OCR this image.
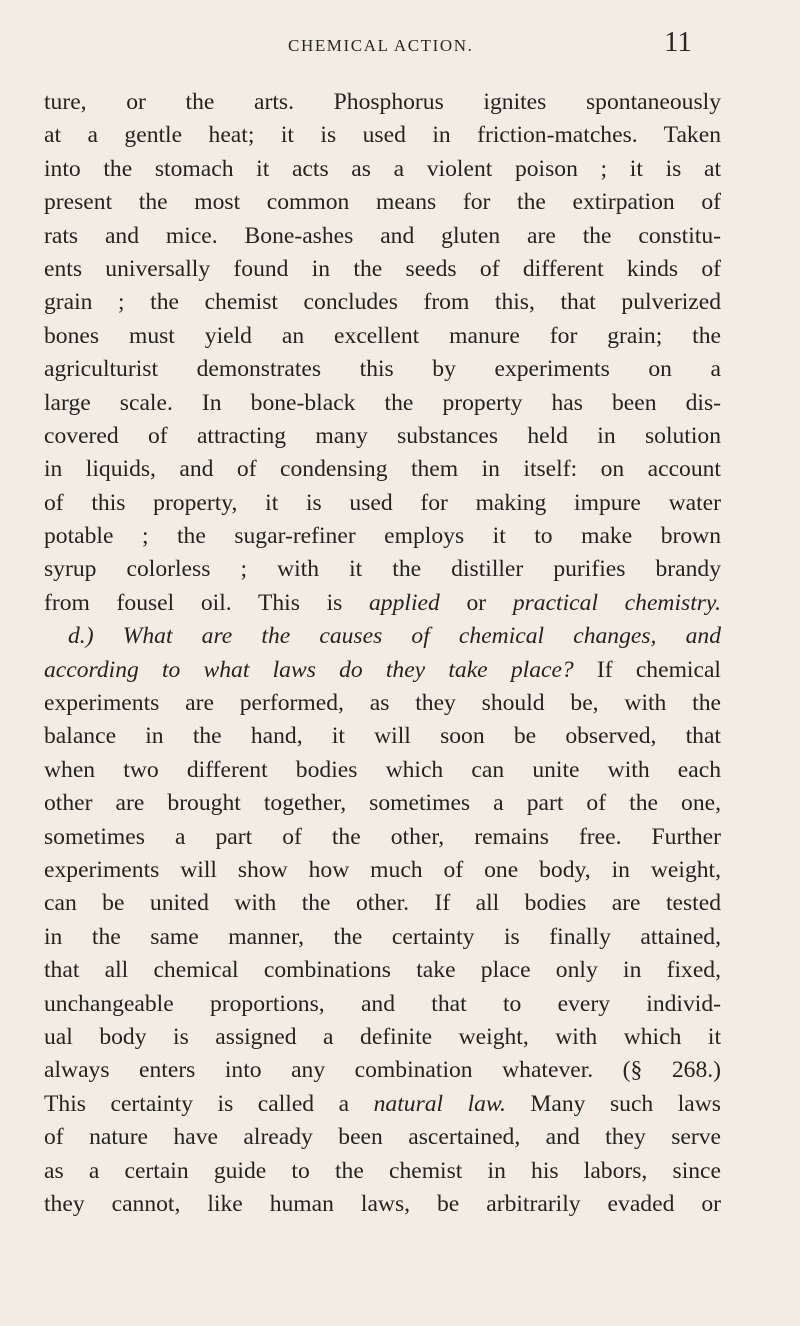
CHEMICAL ACTION.	11
ture, or the arts. Phosphorus ignites spontaneously
at a gentle heat; it is used in friction-matches. Taken
into the stomach it acts as a violent poison ; it is at
present the most common means for the extirpation of
rats and mice. Bone-ashes and gluten are the constitu-
ents universally found in the seeds of different kinds of
grain ; the chemist concludes from this, that pulverized
bones must yield an excellent manure for grain; the
agriculturist demonstrates this by experiments on a
large scale. In bone-black the property has been dis-
covered of attracting many substances held in solution
in liquids, and of condensing them in itself: on account
of this property, it is used for making impure water
potable ; the sugar-refiner employs it to make brown
syrup colorless ; with it the distiller purifies brandy
from fousel oil. This is applied or practical chemistry.
d.) What are the causes of chemical changes, and
according to what laws do they take place? If chemical
experiments are performed, as they should be, with the
balance in the hand, it will soon be observed, that
when two different bodies which can unite with each
other are brought together, sometimes a part of the one,
sometimes a part of the other, remains free. Further
experiments will show how much of one body, in weight,
can be united with the other. If all bodies are tested
in the same manner, the certainty is finally attained,
that all chemical combinations take place only in fixed,
unchangeable proportions, and that to every individ-
ual body is assigned a definite weight, with which it
always enters into any combination whatever. (§ 268.)
This certainty is called a natural law. Many such laws
of nature have already been ascertained, and they serve
as a certain guide to the chemist in his labors, since
they cannot, like human laws, be arbitrarily evaded or
